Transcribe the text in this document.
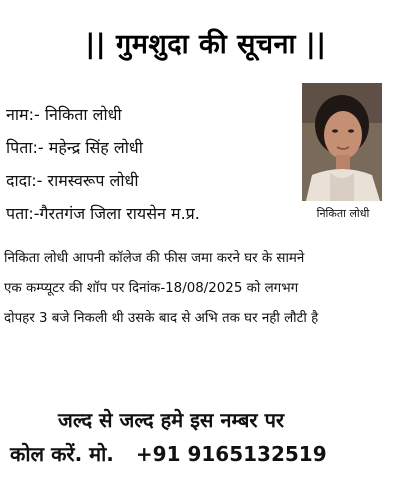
|| गुमशुदा की सूचना ||
नाम:- निकिता लोधी
पिता:- महेन्द्र सिंह लोधी
दादा:- रामस्वरूप लोधी
पता:-गैरतगंज जिला रायसेन म.प्र.	निकिता लोधी
निकिता लोधी आपनी कॉलेज की फीस जमा करने घर के सामने
एक कम्प्यूटर की शॉप पर दिनांक-18/08/2025 को लगभग
दोपहर 3 बजे निकली थी उसके बाद से अभि तक घर नही लौटी है
जल्द से जल्द हमे इस नम्बर पर
कोल करें. मो. +91 9165132519
